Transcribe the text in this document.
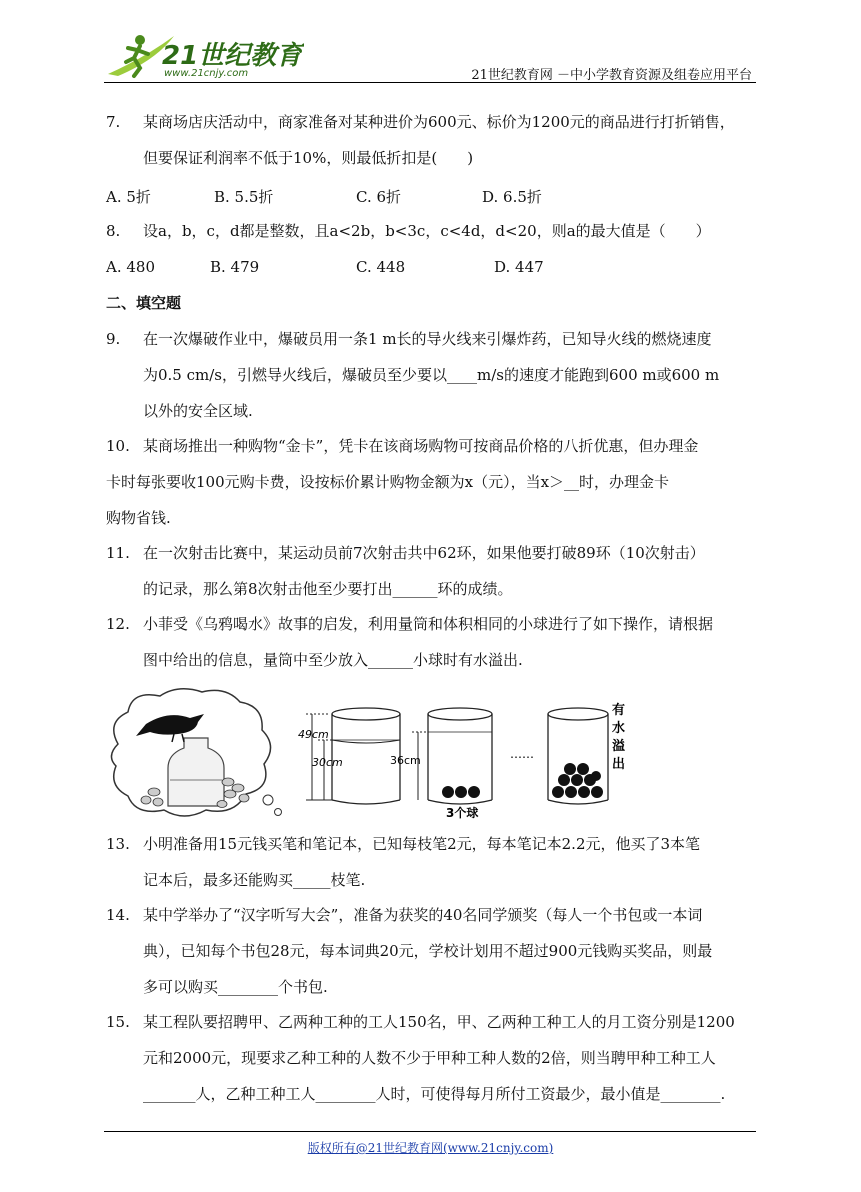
21世纪教育
www.21cnjy.com	21世纪教育网 －中小学教育资源及组卷应用平台
7. 某商场店庆活动中，商家准备对某种进价为600元、标价为1200元的商品进行打折销售，
但要保证利润率不低于10%，则最低折扣是(　　)
A. 5折	B. 5.5折	C. 6折	D. 6.5折
8. 设a，b，c，d都是整数，且a<2b，b<3c，c<4d，d<20，则a的最大值是（　　）
A. 480	B. 479	C. 448	D. 447
二、填空题
9. 在一次爆破作业中，爆破员用一条1 m长的导火线来引爆炸药，已知导火线的燃烧速度
为0.5 cm/s，引燃导火线后，爆破员至少要以____m/s的速度才能跑到600 m或600 m
以外的安全区域.
10. 某商场推出一种购物“金卡”，凭卡在该商场购物可按商品价格的八折优惠，但办理金
卡时每张要收100元购卡费，设按标价累计购物金额为x（元），当x＞__时，办理金卡
购物省钱.
11. 在一次射击比赛中，某运动员前7次射击共中62环，如果他要打破89环（10次射击）
的记录，那么第8次射击他至少要打出______环的成绩。
12. 小菲受《乌鸦喝水》故事的启发，利用量筒和体积相同的小球进行了如下操作，请根据
图中给出的信息，量筒中至少放入______小球时有水溢出.
49cm
30cm	36cm
3个球
……
有
水
溢
出
13. 小明准备用15元钱买笔和笔记本，已知每枝笔2元，每本笔记本2.2元，他买了3本笔
记本后，最多还能购买_____枝笔.
14. 某中学举办了“汉字听写大会”，准备为获奖的40名同学颁奖（每人一个书包或一本词
典），已知每个书包28元，每本词典20元，学校计划用不超过900元钱购买奖品，则最
多可以购买________个书包.
15. 某工程队要招聘甲、乙两种工种的工人150名，甲、乙两种工种工人的月工资分别是1200
元和2000元，现要求乙种工种的人数不少于甲种工种人数的2倍，则当聘甲种工种工人
_______人，乙种工种工人________人时，可使得每月所付工资最少，最小值是________.
版权所有@21世纪教育网(www.21cnjy.com)
